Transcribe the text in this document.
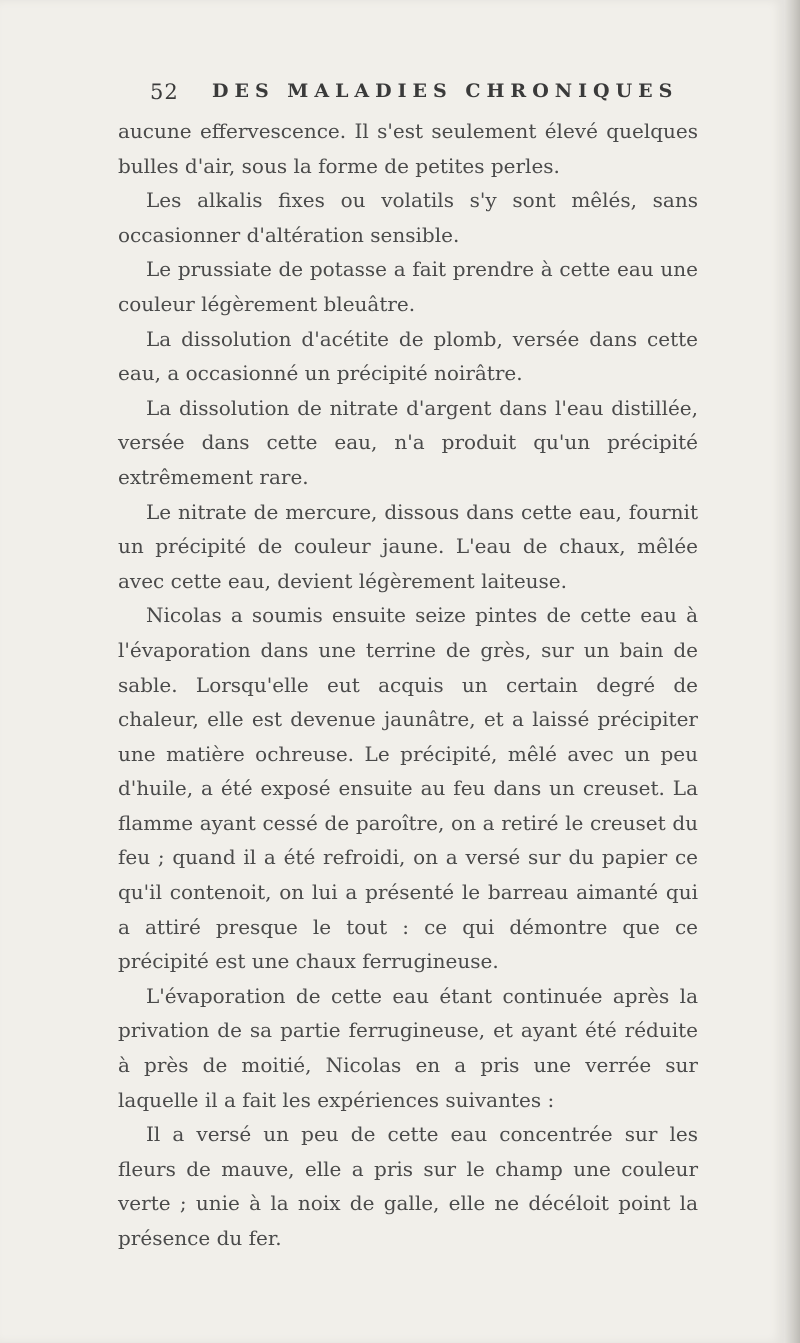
52 DES MALADIES CHRONIQUES

aucune effervescence. Il s'est seulement élevé quelques bulles d'air, sous la forme de petites perles.

Les alkalis fixes ou volatils s'y sont mêlés, sans occasionner d'altération sensible.

Le prussiate de potasse a fait prendre à cette eau une couleur légèrement bleuâtre.

La dissolution d'acétite de plomb, versée dans cette eau, a occasionné un précipité noirâtre.

La dissolution de nitrate d'argent dans l'eau distillée, versée dans cette eau, n'a produit qu'un précipité extrêmement rare.

Le nitrate de mercure, dissous dans cette eau, fournit un précipité de couleur jaune. L'eau de chaux, mêlée avec cette eau, devient légèrement laiteuse.

Nicolas a soumis ensuite seize pintes de cette eau à l'évaporation dans une terrine de grès, sur un bain de sable. Lorsqu'elle eut acquis un certain degré de chaleur, elle est devenue jaunâtre, et a laissé précipiter une matière ochreuse. Le précipité, mêlé avec un peu d'huile, a été exposé ensuite au feu dans un creuset. La flamme ayant cessé de paroître, on a retiré le creuset du feu ; quand il a été refroidi, on a versé sur du papier ce qu'il contenoit, on lui a présenté le barreau aimanté qui a attiré presque le tout : ce qui démontre que ce précipité est une chaux ferrugineuse.

L'évaporation de cette eau étant continuée après la privation de sa partie ferrugineuse, et ayant été réduite à près de moitié, Nicolas en a pris une verrée sur laquelle il a fait les expériences suivantes :

Il a versé un peu de cette eau concentrée sur les fleurs de mauve, elle a pris sur le champ une couleur verte ; unie à la noix de galle, elle ne décéloit point la présence du fer.
